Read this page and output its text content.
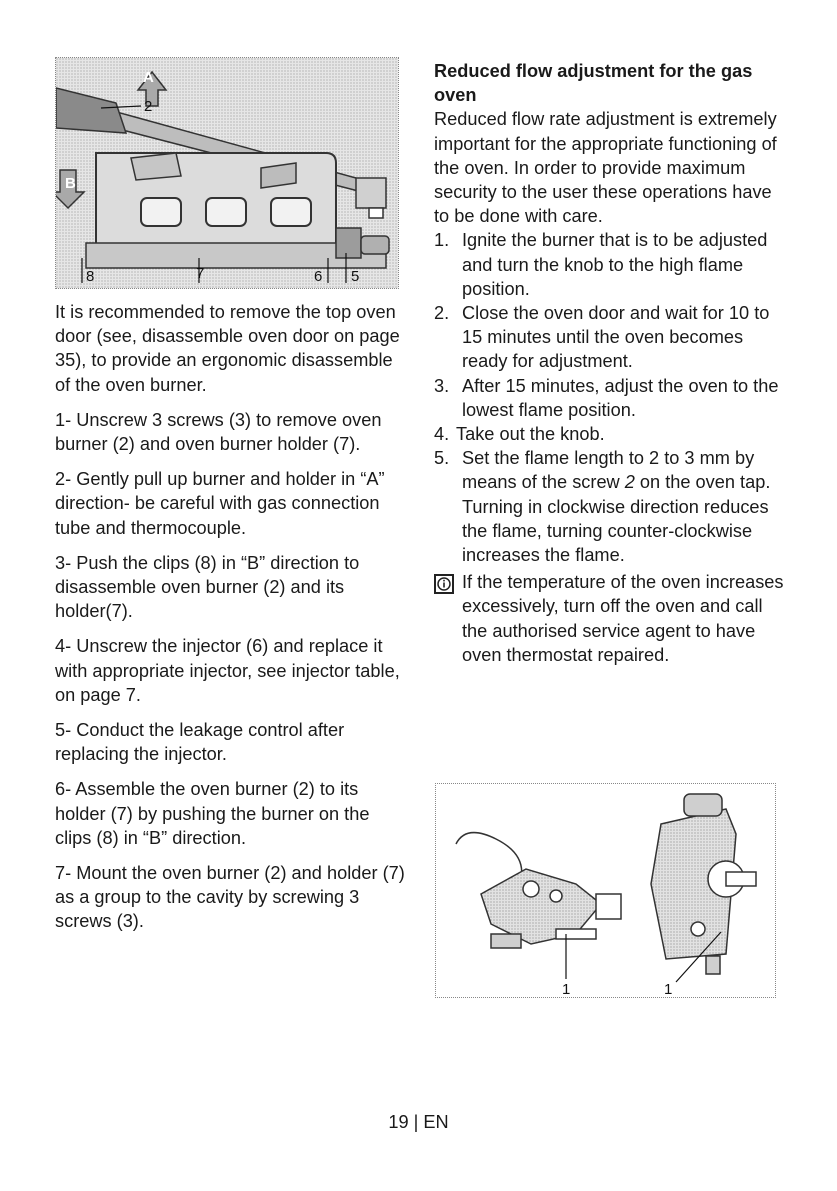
A
B
2
8	7	6 5

It is recommended to remove the top oven door (see, disassemble oven door on page 35), to provide an ergonomic disassemble of the oven burner.

1- Unscrew 3 screws (3) to remove oven burner (2) and oven burner holder (7).

2- Gently pull up burner and holder in “A” direction- be careful with gas connection tube and thermocouple.

3- Push the clips (8) in “B” direction to disassemble oven burner (2) and its holder(7).

4- Unscrew the injector (6) and replace it with appropriate injector, see injector table, on page 7.

5- Conduct the leakage control after replacing the injector.

6- Assemble the oven burner (2) to its holder (7) by pushing the burner on the clips (8) in “B” direction.

7- Mount the oven burner (2) and holder (7) as a group to the cavity by screwing 3 screws (3).

Reduced flow adjustment for the gas oven

Reduced flow rate adjustment is extremely important for the appropriate functioning of the oven. In order to provide maximum security to the user these operations have to be done with care.

1. Ignite the burner that is to be adjusted and turn the knob to the high flame position.
2. Close the oven door and wait for 10 to 15 minutes until the oven becomes ready for adjustment.
3. After 15 minutes, adjust the oven to the lowest flame position.
4. Take out the knob.
5. Set the flame length to 2 to 3 mm by means of the screw 2 on the oven tap. Turning in clockwise direction reduces the flame, turning counter-clockwise increases the flame.
If the temperature of the oven increases excessively, turn off the oven and call the authorised service agent to have oven thermostat repaired.
1	1
19 | EN
